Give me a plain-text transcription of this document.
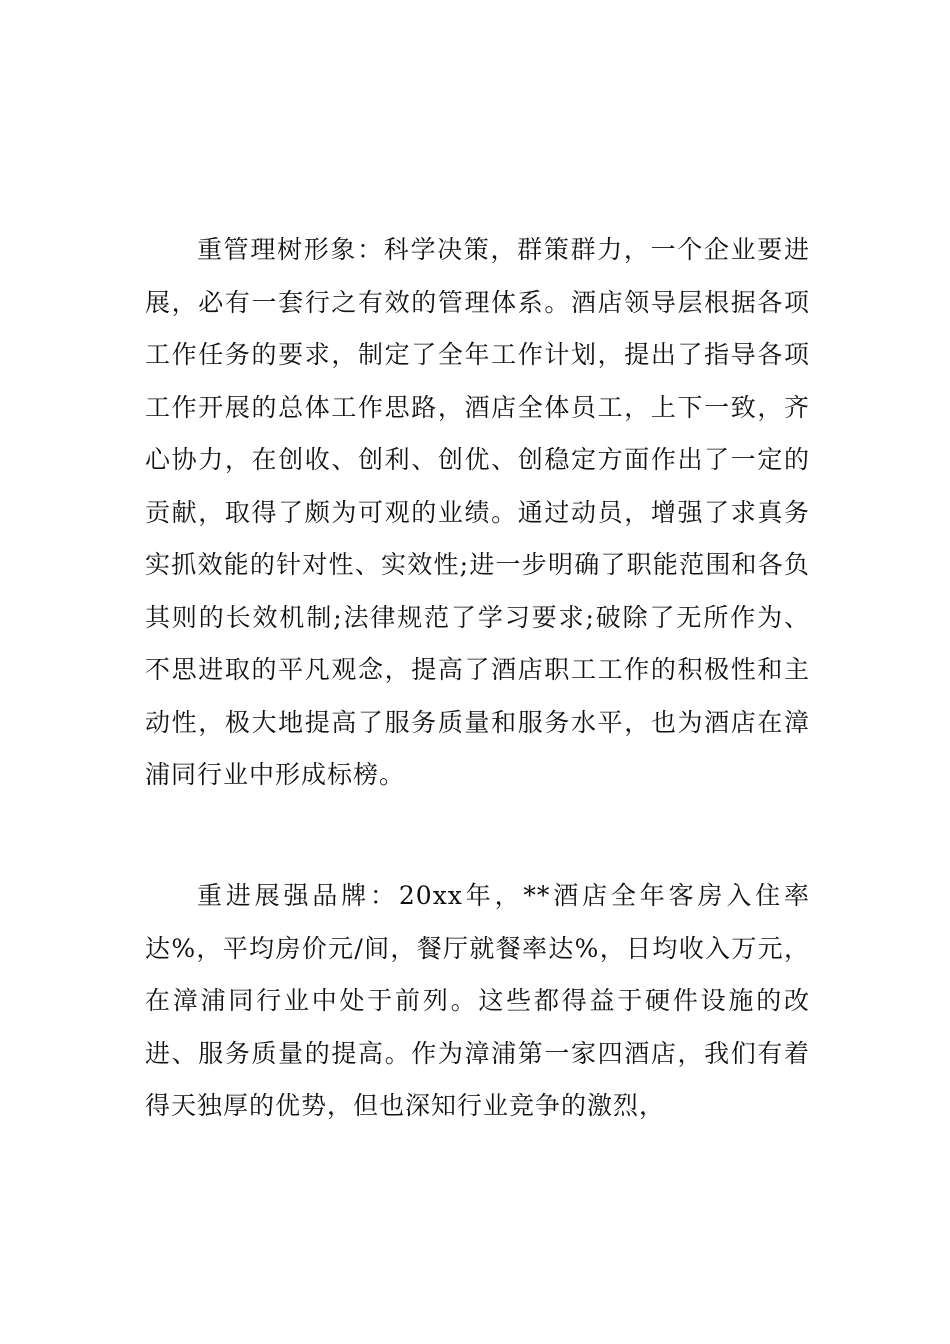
重管理树形象：科学决策，群策群力，一个企业要进展，必有一套行之有效的管理体系。酒店领导层根据各项工作任务的要求，制定了全年工作计划，提出了指导各项工作开展的总体工作思路，酒店全体员工，上下一致，齐心协力，在创收、创利、创优、创稳定方面作出了一定的贡献，取得了颇为可观的业绩。通过动员，增强了求真务实抓效能的针对性、实效性;进一步明确了职能范围和各负其则的长效机制;法律规范了学习要求;破除了无所作为、不思进取的平凡观念，提高了酒店职工工作的积极性和主动性，极大地提高了服务质量和服务水平，也为酒店在漳浦同行业中形成标榜。

重进展强品牌：20xx年，**酒店全年客房入住率达%，平均房价元/间，餐厅就餐率达%，日均收入万元，在漳浦同行业中处于前列。这些都得益于硬件设施的改进、服务质量的提高。作为漳浦第一家四酒店，我们有着得天独厚的优势，但也深知行业竞争的激烈，
